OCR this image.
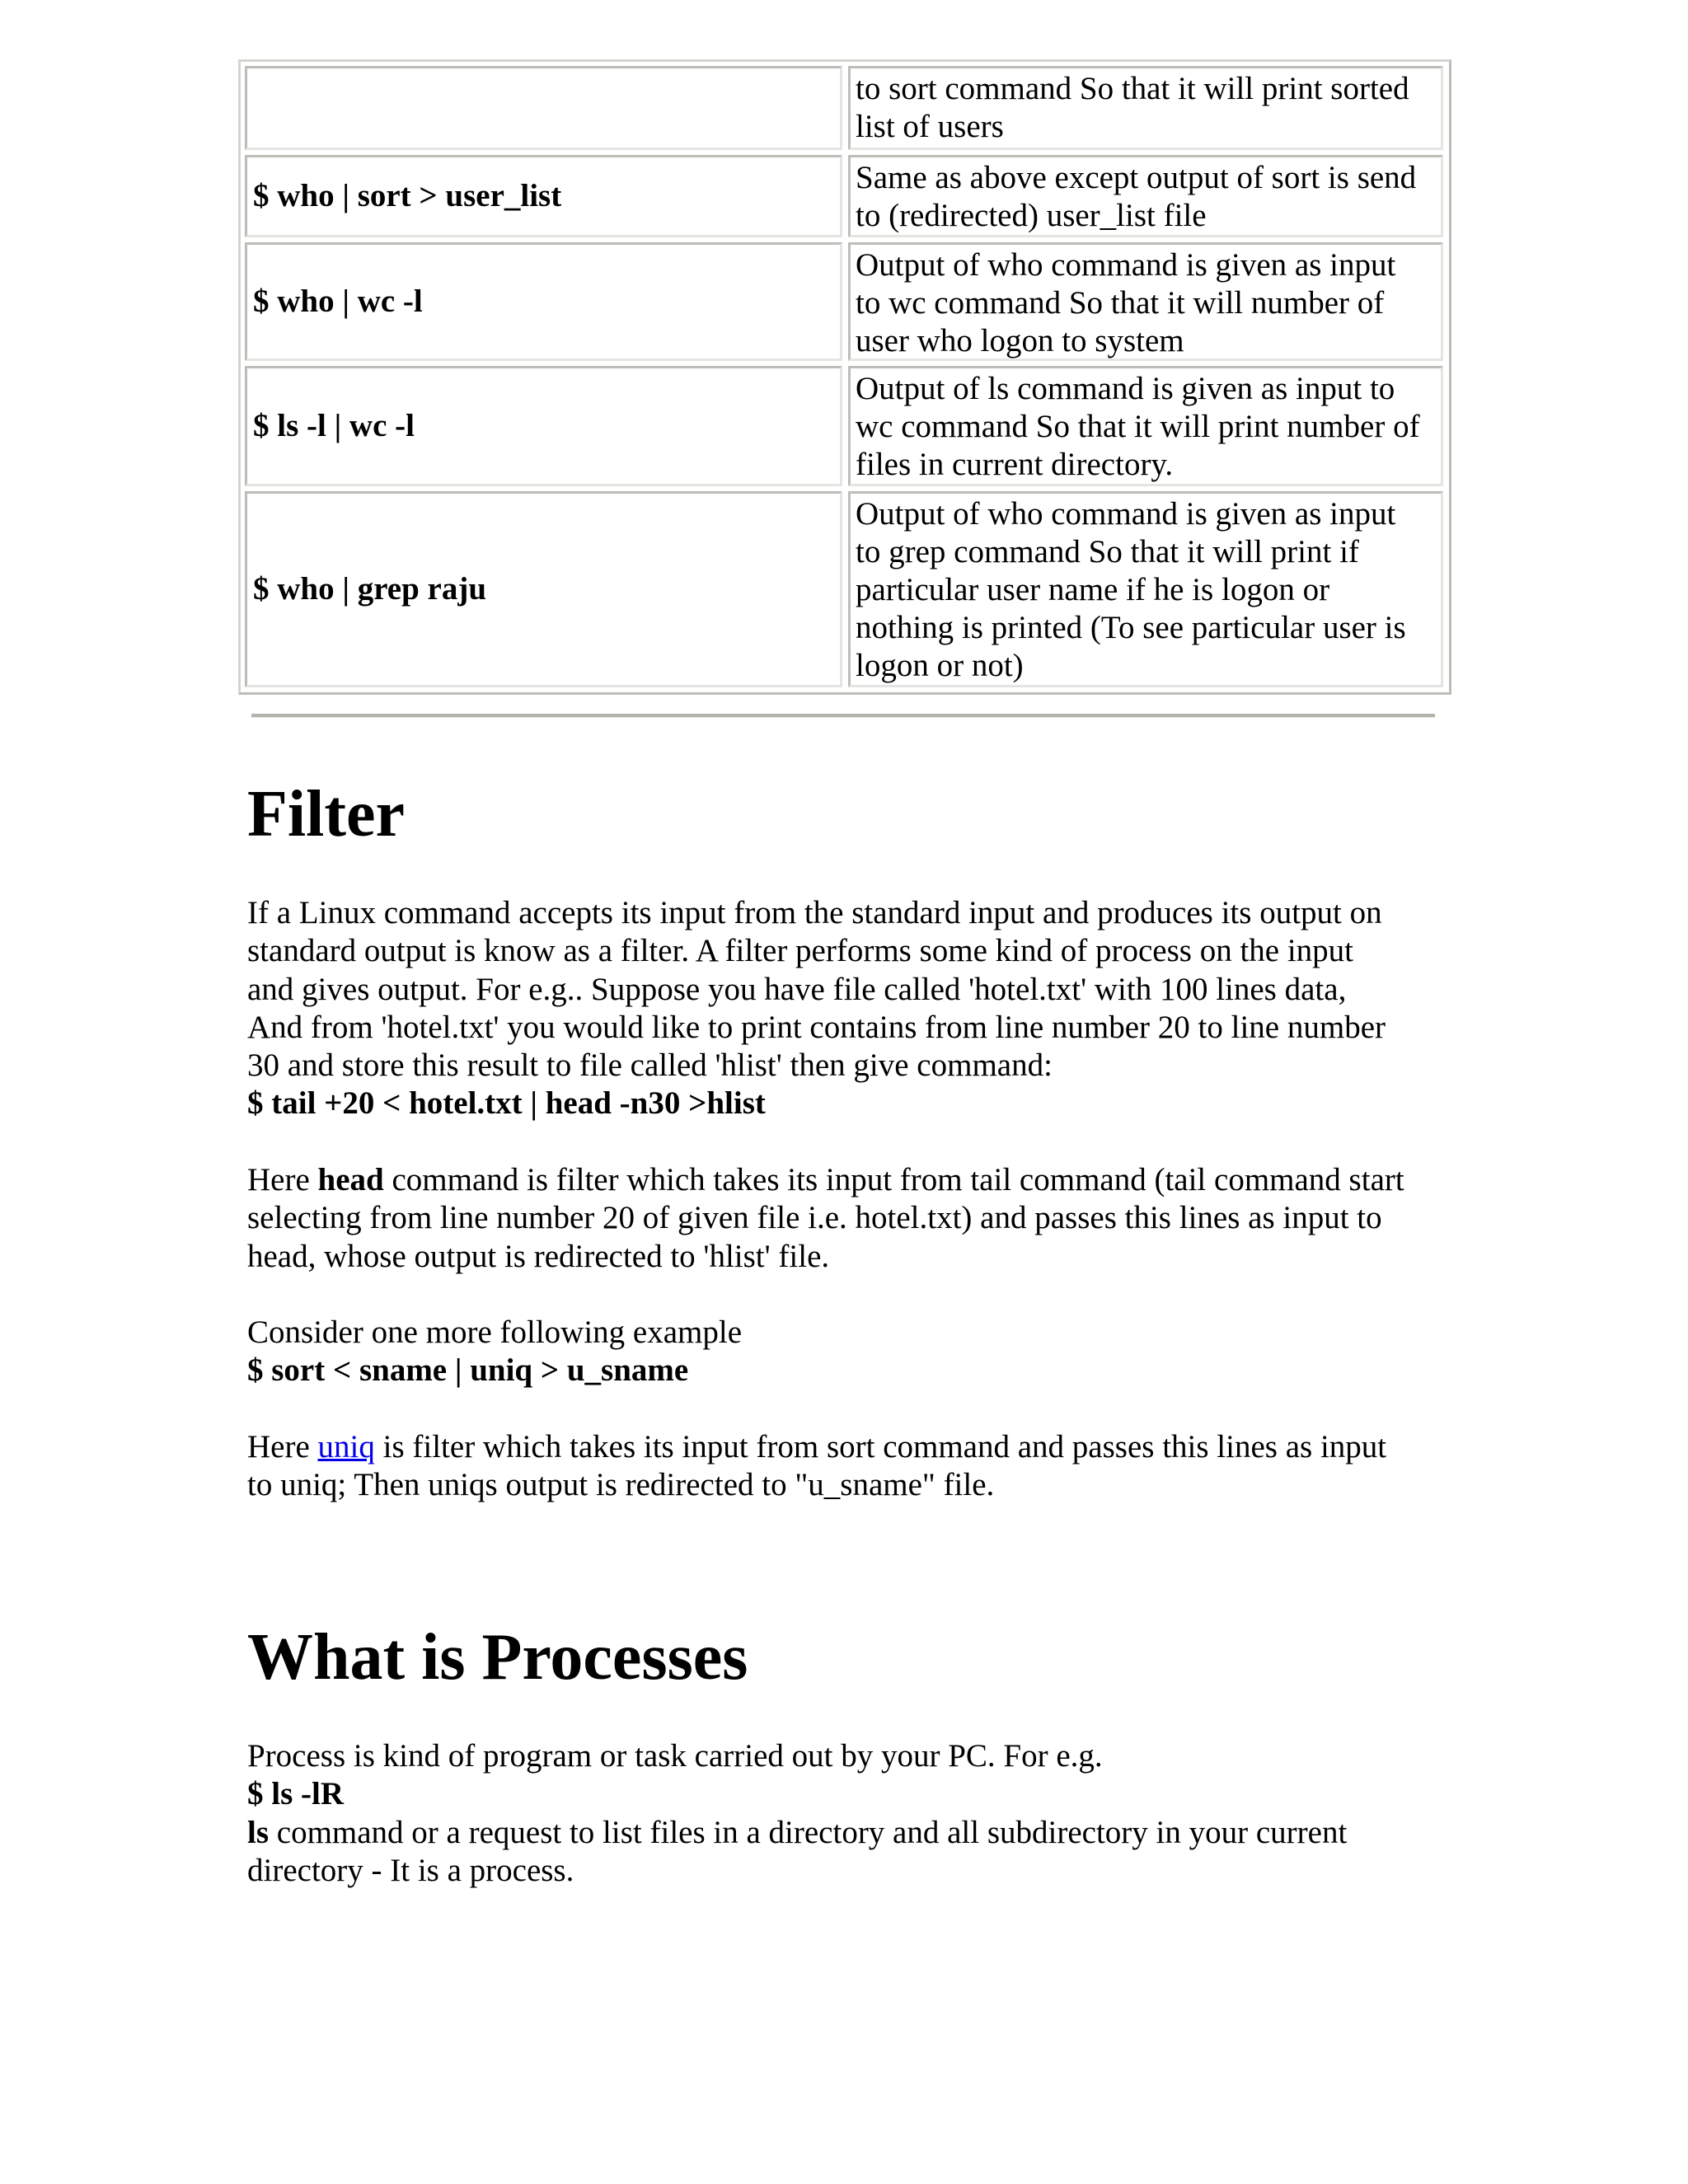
to sort command So that it will print sorted
list of users
$ who | sort > user_list
Same as above except output of sort is send
to (redirected) user_list file
$ who | wc -l
Output of who command is given as input
to wc command So that it will number of
user who logon to system
$ ls -l | wc -l
Output of ls command is given as input to
wc command So that it will print number of
files in current directory.
$ who | grep raju
Output of who command is given as input
to grep command So that it will print if
particular user name if he is logon or
nothing is printed (To see particular user is
logon or not)
Filter
If a Linux command accepts its input from the standard input and produces its output on
standard output is know as a filter. A filter performs some kind of process on the input
and gives output. For e.g.. Suppose you have file called 'hotel.txt' with 100 lines data,
And from 'hotel.txt' you would like to print contains from line number 20 to line number
30 and store this result to file called 'hlist' then give command:
$ tail +20 < hotel.txt | head -n30 >hlist
Here head command is filter which takes its input from tail command (tail command start
selecting from line number 20 of given file i.e. hotel.txt) and passes this lines as input to
head, whose output is redirected to 'hlist' file.
Consider one more following example
$ sort < sname | uniq > u_sname
Here uniq is filter which takes its input from sort command and passes this lines as input
to uniq; Then uniqs output is redirected to "u_sname" file.
What is Processes
Process is kind of program or task carried out by your PC. For e.g.
$ ls -lR
ls command or a request to list files in a directory and all subdirectory in your current
directory - It is a process.
